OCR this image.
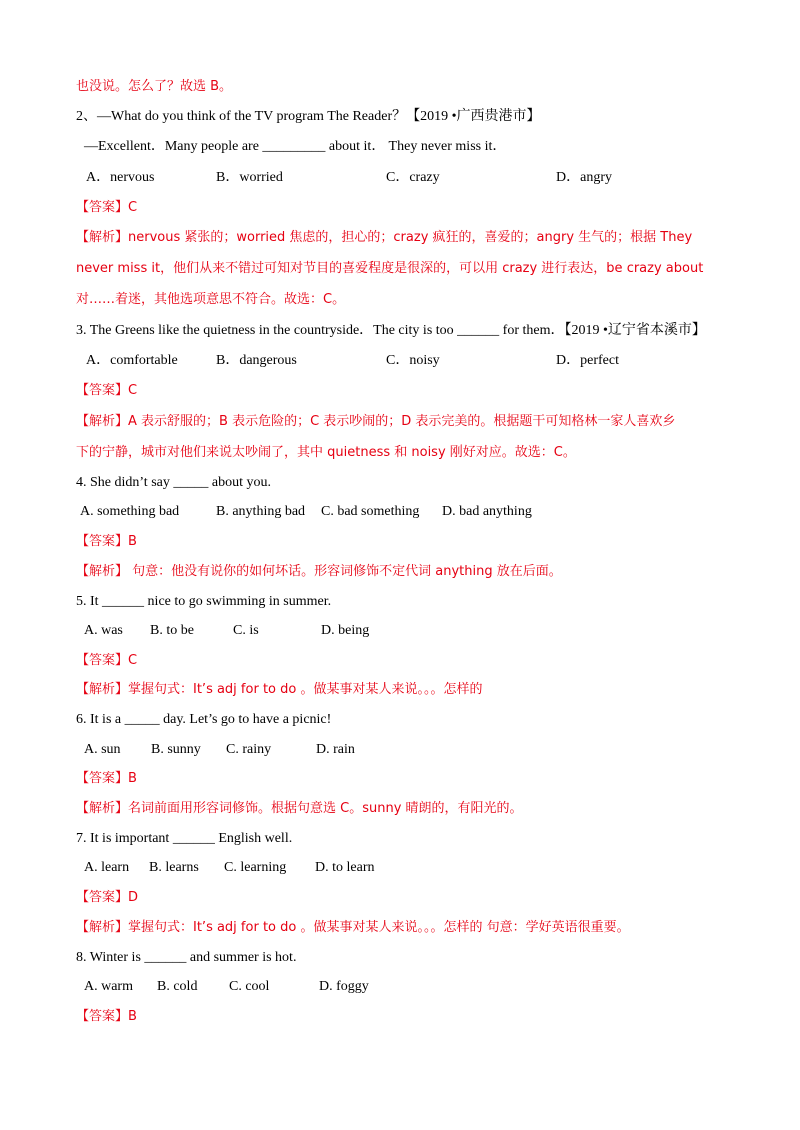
也没说。怎么了？故选 B。
2、—What do you think of the TV program The Reader？【2019 •广西贵港市】
—Excellent．Many people are _________ about it． They never miss it．
A．nervous	B．worried	C．crazy	D．angry
【答案】C
【解析】nervous 紧张的；worried 焦虑的，担心的；crazy 疯狂的，喜爱的；angry 生气的；根据 They
never miss it，他们从来不错过可知对节目的喜爱程度是很深的，可以用 crazy 进行表达，be crazy about
对……着迷，其他选项意思不符合。故选：C。
3. The Greens like the quietness in the countryside．The city is too ______ for them．【2019 •辽宁省本溪市】
A．comfortable	B．dangerous	C．noisy	D．perfect
【答案】C
【解析】A 表示舒服的；B 表示危险的；C 表示吵闹的；D 表示完美的。根据题干可知格林一家人喜欢乡
下的宁静，城市对他们来说太吵闹了，其中 quietness 和 noisy 刚好对应。故选：C。
4. She didn’t say _____ about you.
A. something bad	B. anything bad C. bad something D. bad anything
【答案】B
【解析】 句意：他没有说你的如何坏话。形容词修饰不定代词 anything 放在后面。
5. It ______ nice to go swimming in summer.
A. was B. to be	C. is	D. being
【答案】C
【解析】掌握句式：It’s adj for to do 。做某事对某人来说。。。怎样的
6. It is a _____ day. Let’s go to have a picnic!
A. sun B. sunny C. rainy	D. rain
【答案】B
【解析】名词前面用形容词修饰。根据句意选 C。sunny 晴朗的，有阳光的。
7. It is important ______ English well.
A. learn B. learns C. learning D. to learn
【答案】D
【解析】掌握句式：It’s adj for to do 。做某事对某人来说。。。怎样的 句意：学好英语很重要。
8. Winter is ______ and summer is hot.
A. warm B. cold C. cool	D. foggy
【答案】B
